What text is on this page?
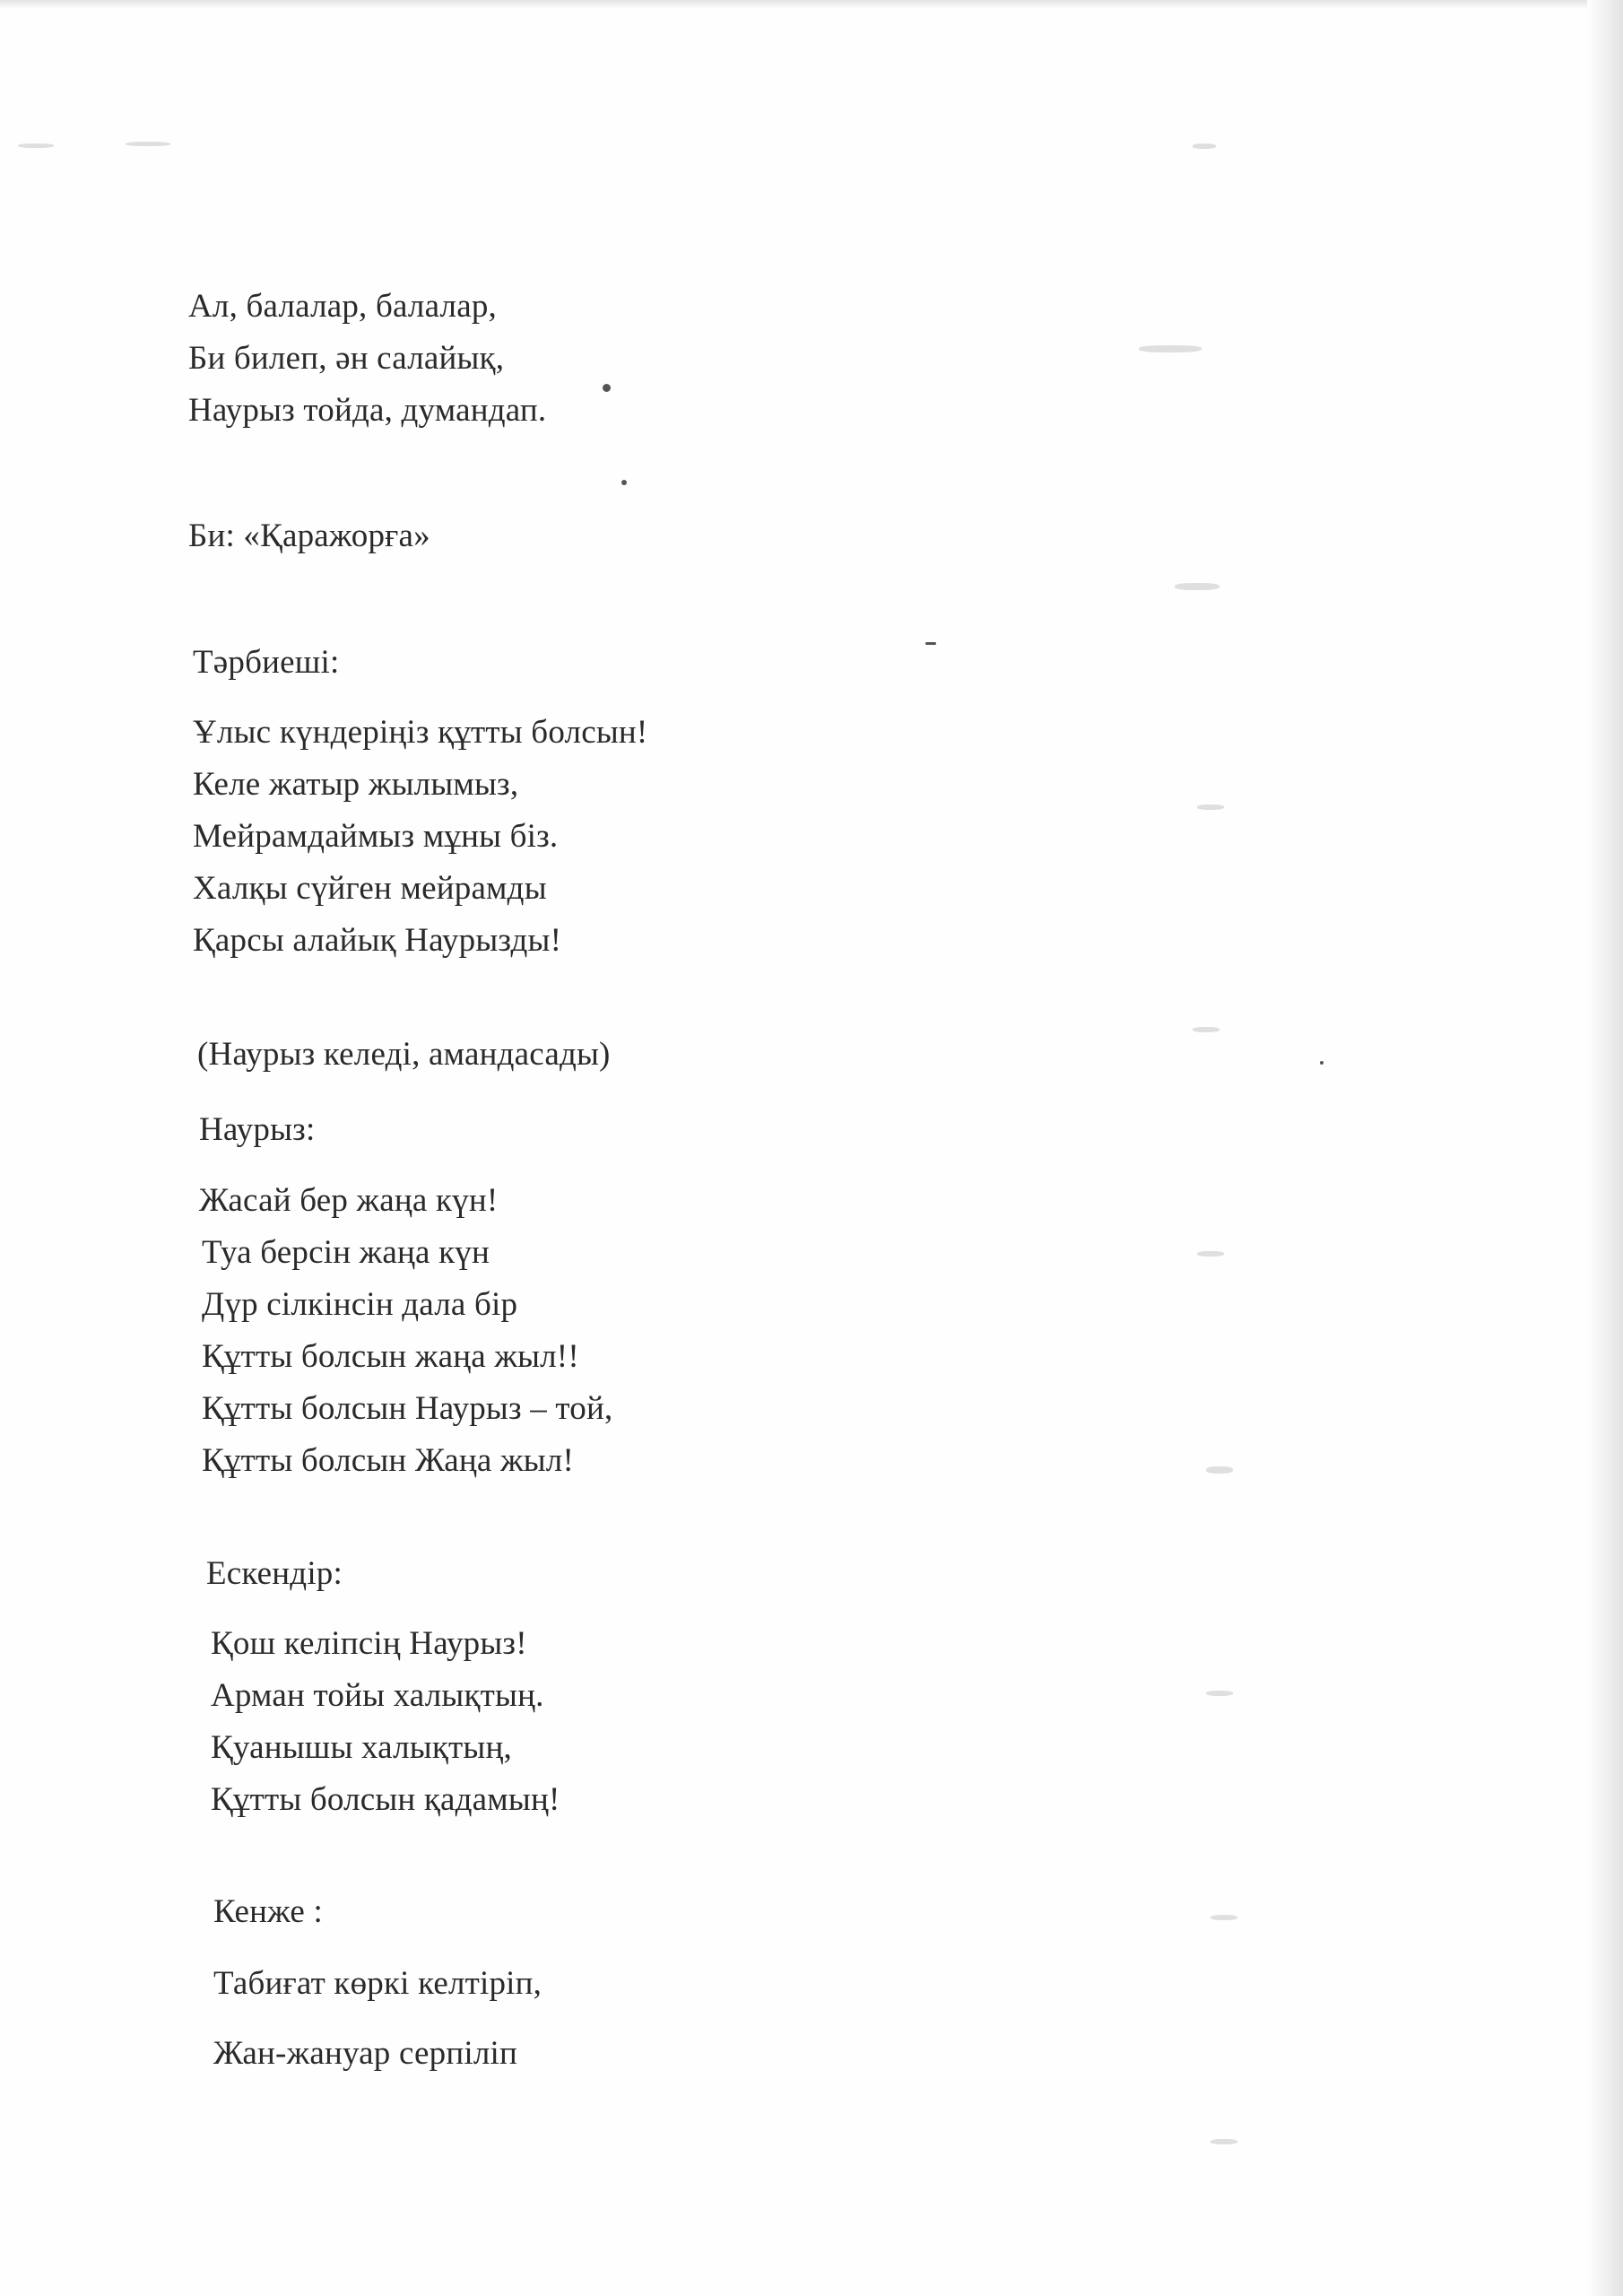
Ал, балалар, балалар,
Би билеп, ән салайық,
Наурыз тойда, думандап.
Би: «Қаражорға»
Тәрбиеші:
Ұлыс күндеріңіз құтты болсын!
Келе жатыр жылымыз,
Мейрамдаймыз мұны біз.
Халқы сүйген мейрамды
Қарсы алайық Наурызды!
(Наурыз келеді, амандасады)
Наурыз:
Жасай бер жаңа күн!
Туа берсін жаңа күн
Дүр сілкінсін дала бір
Құтты болсын жаңа жыл!!
Құтты болсын Наурыз – той,
Құтты болсын Жаңа жыл!
Ескендір:
Қош келіпсің Наурыз!
Арман тойы халықтың.
Қуанышы халықтың,
Құтты болсын қадамың!
Кенже :
Табиғат көркі келтіріп,
Жан-жануар серпіліп
